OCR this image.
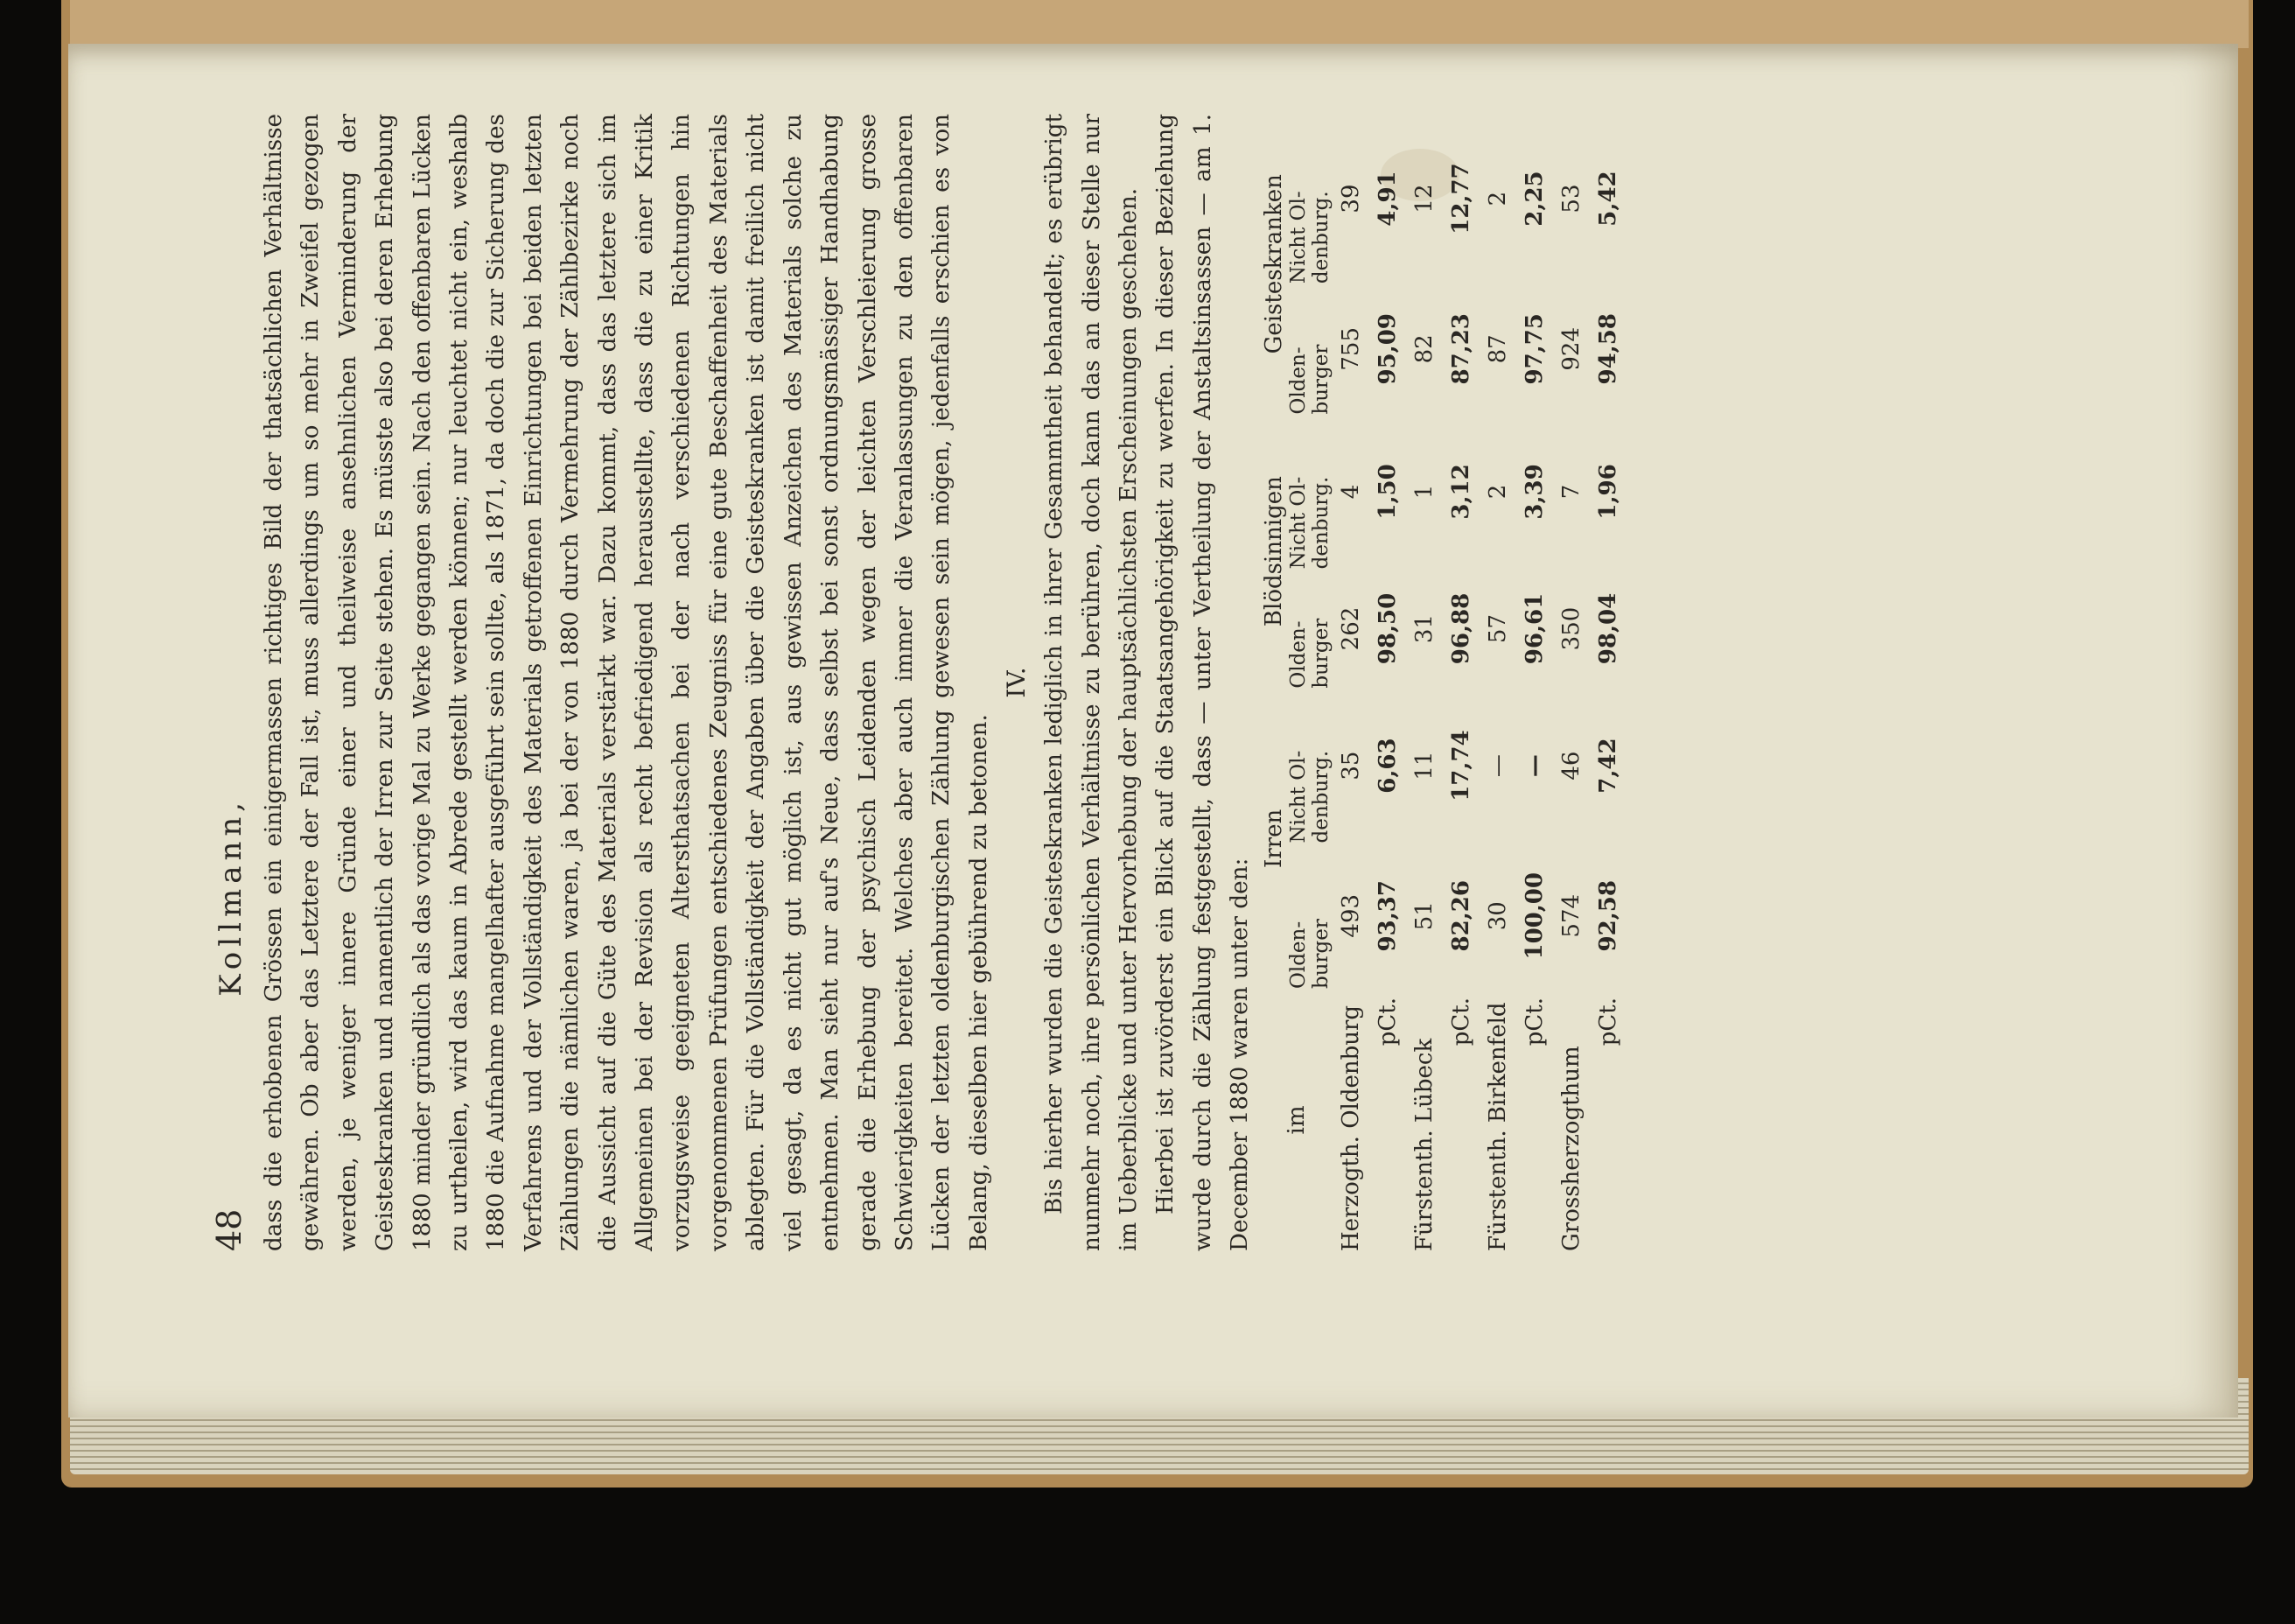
48
Kollmann, dass die erhobenen Grössen ein einigermassen richtiges Bild der thatsächlichen Verhältnisse gewähren. Ob aber das Letztere der Fall ist, muss allerdings um so mehr in Zweifel gezogen werden, je weniger innere Gründe einer und theilweise ansehnlichen Verminderung der Geisteskranken und namentlich der Irren zur Seite stehen. Es müsste also bei deren Erhebung 1880 minder gründlich als das vorige Mal zu Werke gegangen sein. Nach den offenbaren Lücken zu urtheilen, wird das kaum in Abrede gestellt werden können; nur leuchtet nicht ein, weshalb 1880 die Aufnahme mangelhafter ausgeführt sein sollte, als 1871, da doch die zur Sicherung des Verfahrens und der Vollständigkeit des Materials getroffenen Einrichtungen bei beiden letzten Zählungen die nämlichen waren, ja bei der von 1880 durch Vermehrung der Zählbezirke noch die Aussicht auf die Güte des Materials verstärkt war. Dazu kommt, dass das letztere sich im Allgemeinen bei der Revision als recht befriedigend herausstellte, dass die zu einer Kritik vorzugsweise geeigneten Altersthatsachen bei der nach verschiedenen Richtungen hin vorgenommenen Prüfungen entschiedenes Zeugniss für eine gute Beschaffenheit des Materials ablegten. Für die Vollständigkeit der Angaben über die Geisteskranken ist damit freilich nicht viel gesagt, da es nicht gut möglich ist, aus gewissen Anzeichen des Materials solche zu entnehmen. Man sieht nur auf's Neue, dass selbst bei sonst ordnungsmässiger Handhabung gerade die Erhebung der psychisch Leidenden wegen der leichten Verschleierung grosse Schwierigkeiten bereitet. Welches aber auch immer die Veranlassungen zu den offenbaren Lücken der letzten oldenburgischen Zählung gewesen sein mögen, jedenfalls erschien es von Belang, dieselben hier gebührend zu betonen.

IV. Bis hierher wurden die Geisteskranken lediglich in ihrer Gesammtheit behandelt; es erübrigt nunmehr noch, ihre persönlichen Verhältnisse zu berühren, doch kann das an dieser Stelle nur im Ueberblicke und unter Hervorhebung der hauptsächlichsten Erscheinungen geschehen. Hierbei ist zuvörderst ein Blick auf die Staatsangehörigkeit zu werfen. In dieser Beziehung wurde durch die Zählung festgestellt, dass — unter Vertheilung der Anstaltsinsassen — am 1. December 1880 waren unter den: im	Irren		Blödsinnigen		Geisteskranken	
	Olden-
burger	Nicht Ol-
denburg.	Olden-
burger	Nicht Ol-
denburg.	Olden-
burger	Nicht Ol-
denburg.
Herzogth. Oldenburg	493	35	262	4	755	39
pCt.	93,37	6,63	98,50	1,50	95,09	4,91
Fürstenth. Lübeck	51	11	31	1	82	12
pCt.	82,26	17,74	96,88	3,12	87,23	12,77
Fürstenth. Birkenfeld	30	—	57	2	87	2
pCt.	100,00	—	96,61	3,39	97,75	2,25
Grossherzogthum	574	46	350	7	924	53
pCt.	92,58	7,42	98,04	1,96	94,58	5,42
